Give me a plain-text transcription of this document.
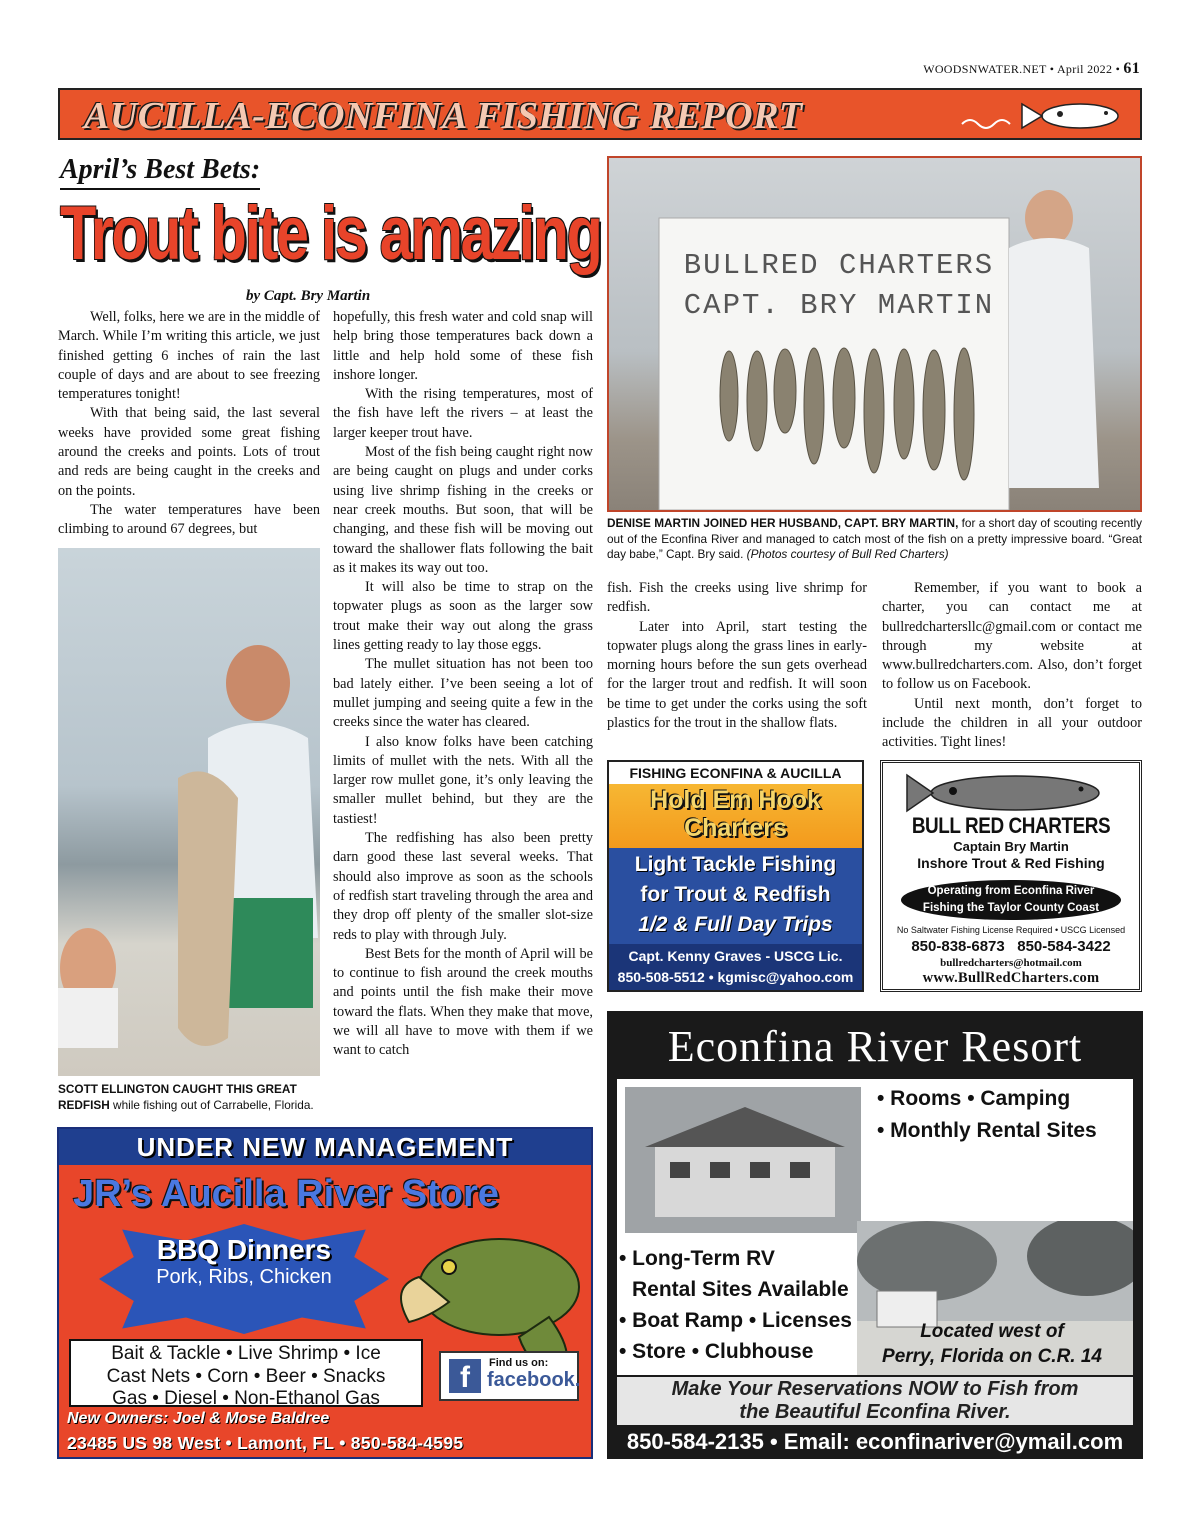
WOODSNWATER.NET • April 2022 • 61
AUCILLA-ECONFINA FISHING REPORT
April’s Best Bets:
Trout bite is amazing
by Capt. Bry Martin

Well, folks, here we are in the middle of March. While I’m writing this article, we just finished getting 6 inches of rain the last couple of days and are about to see freezing temperatures tonight!

With that being said, the last several weeks have provided some great fishing around the creeks and points. Lots of trout and reds are being caught in the creeks and on the points.

The water temperatures have been climbing to around 67 degrees, but

SCOTT ELLINGTON CAUGHT THIS GREAT REDFISH while fishing out of Carrabelle, Florida.

hopefully, this fresh water and cold snap will help bring those temperatures back down a little and help hold some of these fish inshore longer.

With the rising temperatures, most of the fish have left the rivers – at least the larger keeper trout have.

Most of the fish being caught right now are being caught on plugs and under corks using live shrimp fishing in the creeks or near creek mouths. But soon, that will be changing, and these fish will be moving out toward the shallower flats following the bait as it makes its way out too.

It will also be time to strap on the topwater plugs as soon as the larger sow trout make their way out along the grass lines getting ready to lay those eggs.

The mullet situation has not been too bad lately either. I’ve been seeing a lot of mullet jumping and seeing quite a few in the creeks since the water has cleared.

I also know folks have been catching limits of mullet with the nets. With all the larger row mullet gone, it’s only leaving the smaller mullet behind, but they are the tastiest!

The redfishing has also been pretty darn good these last several weeks. That should also improve as soon as the schools of redfish start traveling through the area and they drop off plenty of the smaller slot-size reds to play with through July.

Best Bets for the month of April will be to continue to fish around the creek mouths and points until the fish make their move toward the flats. When they make that move, we will all have to move with them if we want to catch

BULLRED CHARTERS
CAPT. BRY MARTIN
DENISE MARTIN JOINED HER HUSBAND, CAPT. BRY MARTIN, for a short day of scouting recently out of the Econfina River and managed to catch most of the fish on a pretty impressive board. “Great day babe,” Capt. Bry said. (Photos courtesy of Bull Red Charters)

fish. Fish the creeks using live shrimp for redfish.

Later into April, start testing the topwater plugs along the grass lines in early-morning hours before the sun gets overhead for the larger trout and redfish. It will soon be time to get under the corks using the soft plastics for the trout in the shallow flats.

Remember, if you want to book a charter, you can contact me at bullredchartersllc@gmail.com or contact me through my website at www.bullredcharters.com. Also, don’t forget to follow us on Facebook.

Until next month, don’t forget to include the children in all your outdoor activities. Tight lines!

FISHING ECONFINA & AUCILLA
Hold Em Hook
Charters
Light Tackle Fishing
for Trout & Redfish
1/2 & Full Day Trips
Capt. Kenny Graves - USCG Lic.
850-508-5512 • kgmisc@yahoo.com
BULL RED CHARTERS
Captain Bry Martin
Inshore Trout & Red Fishing
Operating from Econfina River
Fishing the Taylor County Coast
No Saltwater Fishing License Required • USCG Licensed
850-838-6873   850-584-3422
bullredcharters@hotmail.com
www.BullRedCharters.com
UNDER NEW MANAGEMENT
JR’s Aucilla River Store
BBQ Dinners
Pork, Ribs, Chicken
Bait & Tackle • Live Shrimp • Ice
Cast Nets • Corn • Beer • Snacks
Gas • Diesel • Non-Ethanol Gas
f	Find us on:
facebook.
New Owners: Joel & Mose Baldree
23485 US 98 West • Lamont, FL • 850-584-4595
Econfina River Resort
• Rooms • Camping
• Monthly Rental Sites
• Long-Term RV
Rental Sites Available
• Boat Ramp • Licenses
• Store • Clubhouse
Located west of
Perry, Florida on C.R. 14
Make Your Reservations NOW to Fish from
the Beautiful Econfina River.
850-584-2135 • Email: econfinariver@ymail.com
